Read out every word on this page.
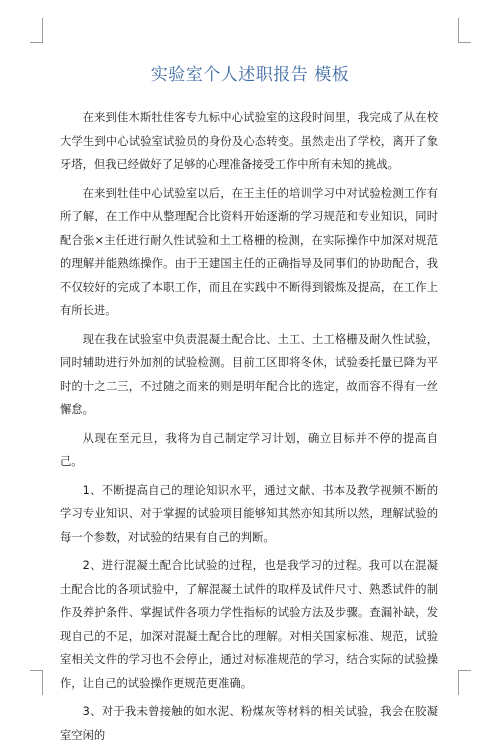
实验室个人述职报告 模板

在来到佳木斯牡佳客专九标中心试验室的这段时间里，我完成了从在校大学生到中心试验室试验员的身份及心态转变。虽然走出了学校，离开了象牙塔，但我已经做好了足够的心理准备接受工作中所有未知的挑战。

在来到牡佳中心试验室以后，在王主任的培训学习中对试验检测工作有所了解，在工作中从整理配合比资料开始逐渐的学习规范和专业知识，同时配合张×主任进行耐久性试验和土工格栅的检测，在实际操作中加深对规范的理解并能熟练操作。由于王建国主任的正确指导及同事们的协助配合，我不仅较好的完成了本职工作，而且在实践中不断得到锻炼及提高，在工作上有所长进。

现在我在试验室中负责混凝土配合比、土工、土工格栅及耐久性试验，同时辅助进行外加剂的试验检测。目前工区即将冬休，试验委托量已降为平时的十之二三，不过随之而来的则是明年配合比的选定，故而容不得有一丝懈怠。

从现在至元旦，我将为自己制定学习计划，确立目标并不停的提高自己。

1、不断提高自己的理论知识水平，通过文献、书本及教学视频不断的学习专业知识、对于掌握的试验项目能够知其然亦知其所以然，理解试验的每一个参数，对试验的结果有自己的判断。

2、进行混凝土配合比试验的过程，也是我学习的过程。我可以在混凝土配合比的各项试验中，了解混凝土试件的取样及试件尺寸、熟悉试件的制作及养护条件、掌握试件各项力学性指标的试验方法及步骤。查漏补缺，发现自己的不足，加深对混凝土配合比的理解。对相关国家标准、规范，试验室相关文件的学习也不会停止，通过对标准规范的学习，结合实际的试验操作，让自己的试验操作更规范更准确。

3、对于我未曾接触的如水泥、粉煤灰等材料的相关试验，我会在胶凝室空闲的
